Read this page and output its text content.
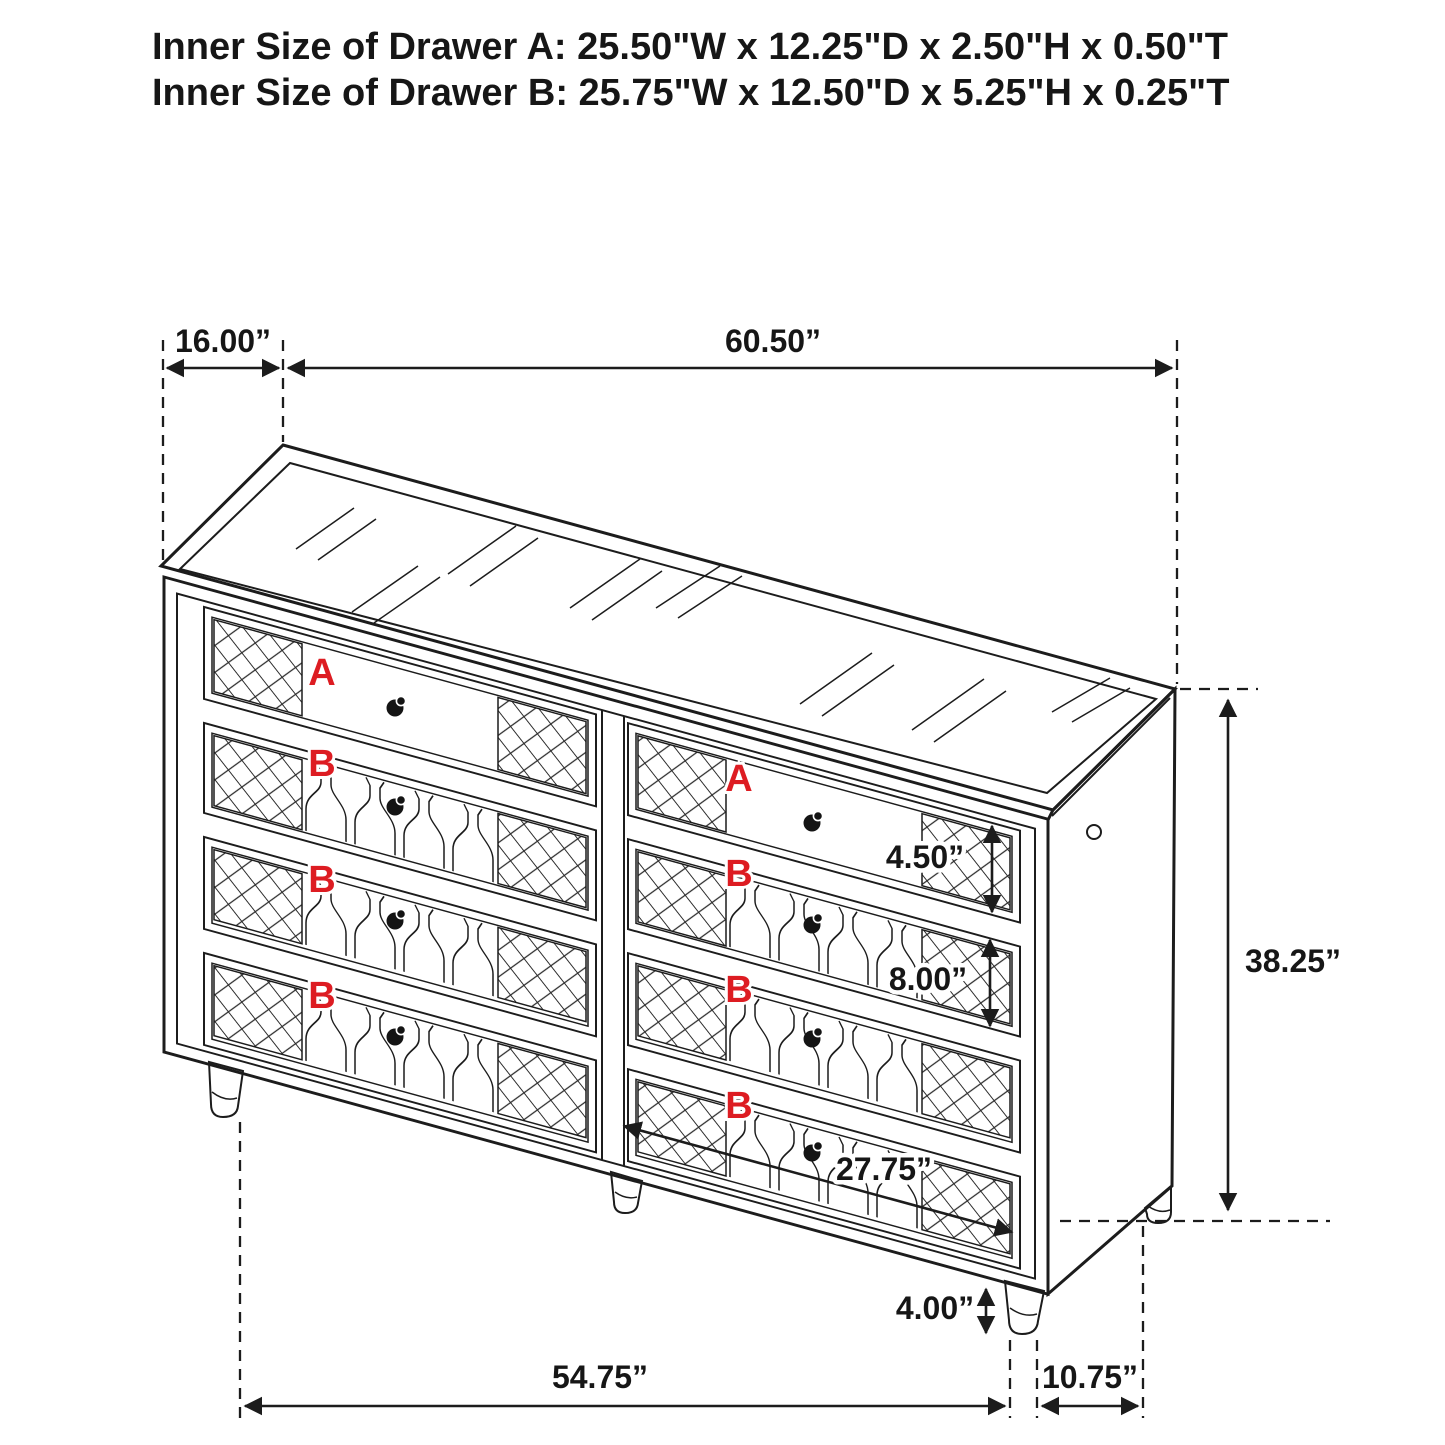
Inner Size of Drawer A: 25.50"W x 12.25"D x 2.50"H x 0.50"T
Inner Size of Drawer B: 25.75"W x 12.50"D x 5.25"H x 0.25"T
16.00”	60.50”
A
B
B
B
A
B
B
B
38.25”
4.50”
8.00”
27.75”
4.00”
54.75”	10.75”
